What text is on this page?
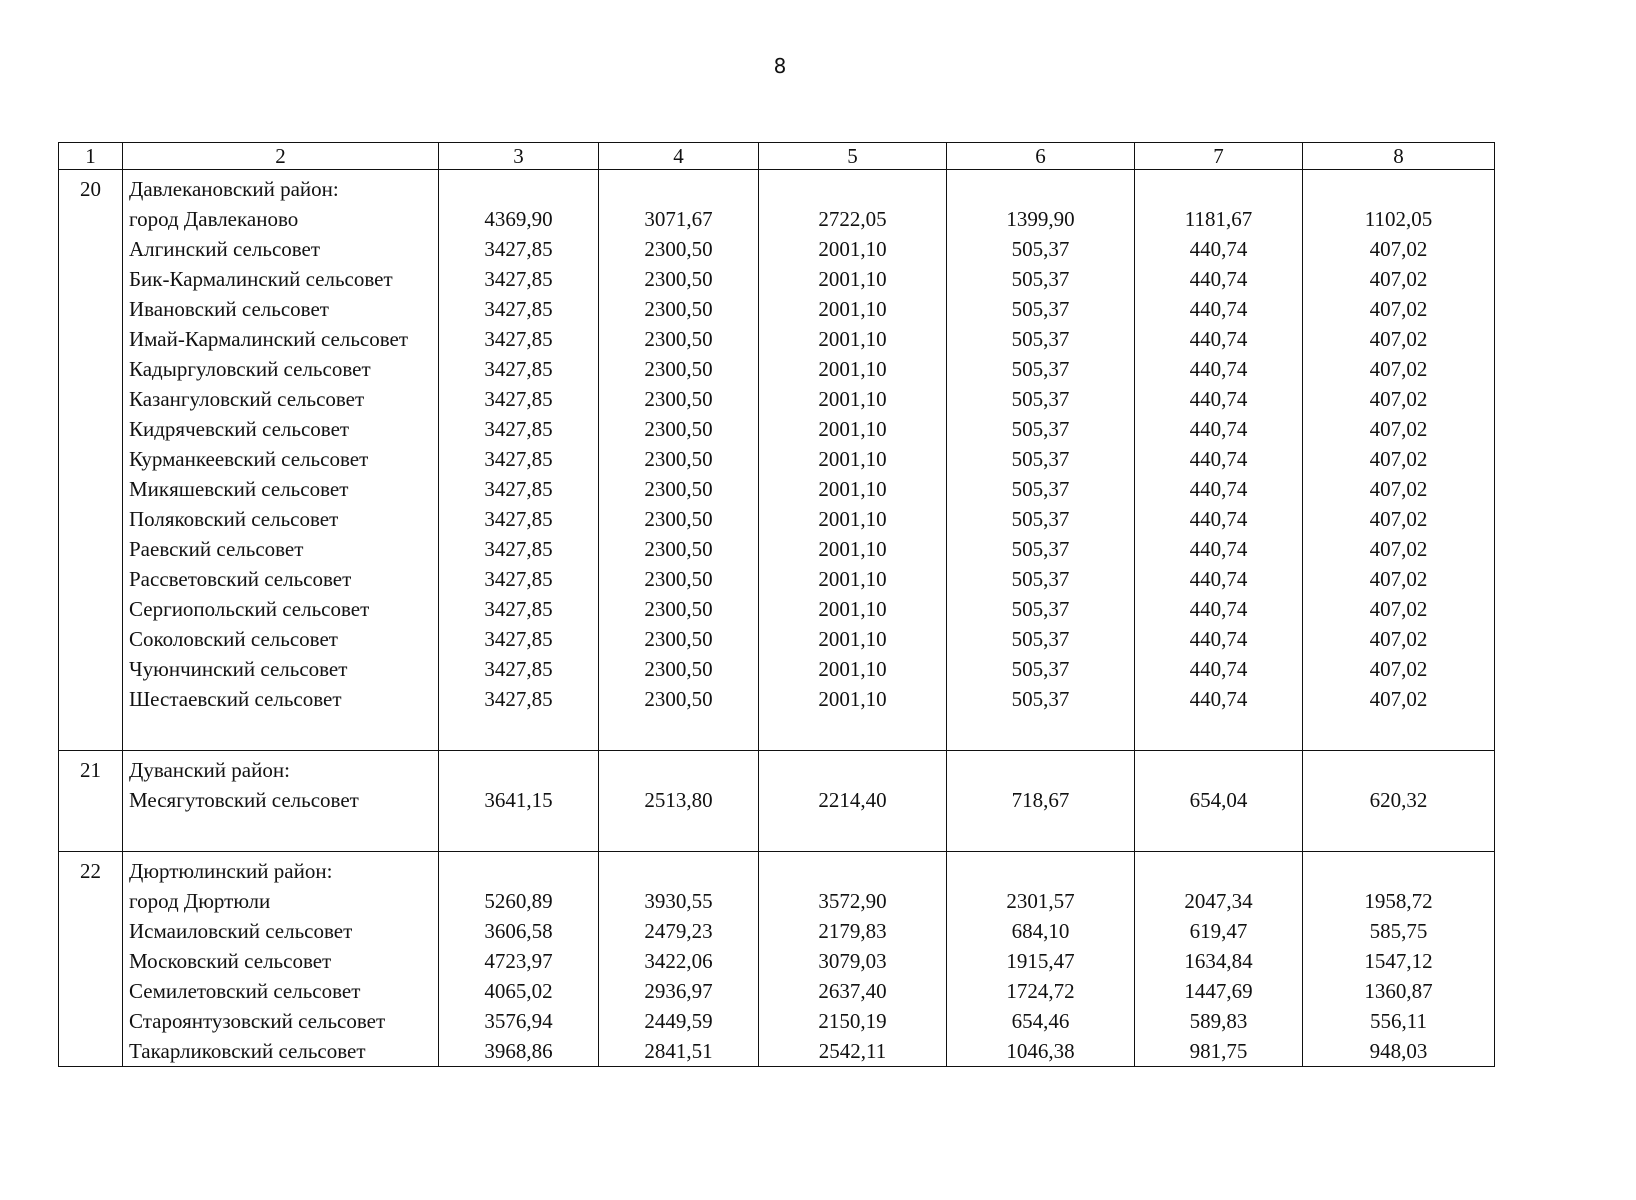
8
1	2	3	4	5	6	7	8
20	Давлекановский район:						
	город Давлеканово	4369,90	3071,67	2722,05	1399,90	1181,67	1102,05
	Алгинский сельсовет	3427,85	2300,50	2001,10	505,37	440,74	407,02
	Бик-Кармалинский сельсовет	3427,85	2300,50	2001,10	505,37	440,74	407,02
	Ивановский сельсовет	3427,85	2300,50	2001,10	505,37	440,74	407,02
	Имай-Кармалинский сельсовет	3427,85	2300,50	2001,10	505,37	440,74	407,02
	Кадыргуловский сельсовет	3427,85	2300,50	2001,10	505,37	440,74	407,02
	Казангуловский сельсовет	3427,85	2300,50	2001,10	505,37	440,74	407,02
	Кидрячевский сельсовет	3427,85	2300,50	2001,10	505,37	440,74	407,02
	Курманкеевский сельсовет	3427,85	2300,50	2001,10	505,37	440,74	407,02
	Микяшевский сельсовет	3427,85	2300,50	2001,10	505,37	440,74	407,02
	Поляковский сельсовет	3427,85	2300,50	2001,10	505,37	440,74	407,02
	Раевский сельсовет	3427,85	2300,50	2001,10	505,37	440,74	407,02
	Рассветовский сельсовет	3427,85	2300,50	2001,10	505,37	440,74	407,02
	Сергиопольский сельсовет	3427,85	2300,50	2001,10	505,37	440,74	407,02
	Соколовский сельсовет	3427,85	2300,50	2001,10	505,37	440,74	407,02
	Чуюнчинский сельсовет	3427,85	2300,50	2001,10	505,37	440,74	407,02
	Шестаевский сельсовет	3427,85	2300,50	2001,10	505,37	440,74	407,02

21	Дуванский район:						
	Месягутовский сельсовет	3641,15	2513,80	2214,40	718,67	654,04	620,32

22	Дюртюлинский район:						
	город Дюртюли	5260,89	3930,55	3572,90	2301,57	2047,34	1958,72
	Исмаиловский сельсовет	3606,58	2479,23	2179,83	684,10	619,47	585,75
	Московский сельсовет	4723,97	3422,06	3079,03	1915,47	1634,84	1547,12
	Семилетовский сельсовет	4065,02	2936,97	2637,40	1724,72	1447,69	1360,87
	Староянтузовский сельсовет	3576,94	2449,59	2150,19	654,46	589,83	556,11
	Такарликовский сельсовет	3968,86	2841,51	2542,11	1046,38	981,75	948,03
